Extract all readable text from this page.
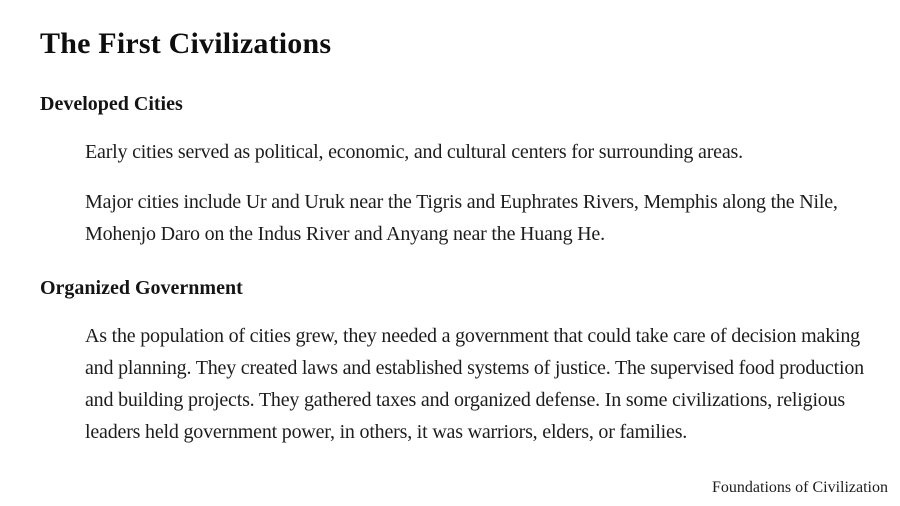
The First Civilizations
Developed Cities

Early cities served as political, economic, and cultural centers for surrounding areas.

Major cities include Ur and Uruk near the Tigris and Euphrates Rivers, Memphis along the Nile, Mohenjo Daro on the Indus River and Anyang near the Huang He.

Organized Government

As the population of cities grew, they needed a government that could take care of decision making and planning. They created laws and established systems of justice. The supervised food production and building projects. They gathered taxes and organized defense. In some civilizations, religious leaders held government power, in others, it was warriors, elders, or families.

Foundations of Civilization
